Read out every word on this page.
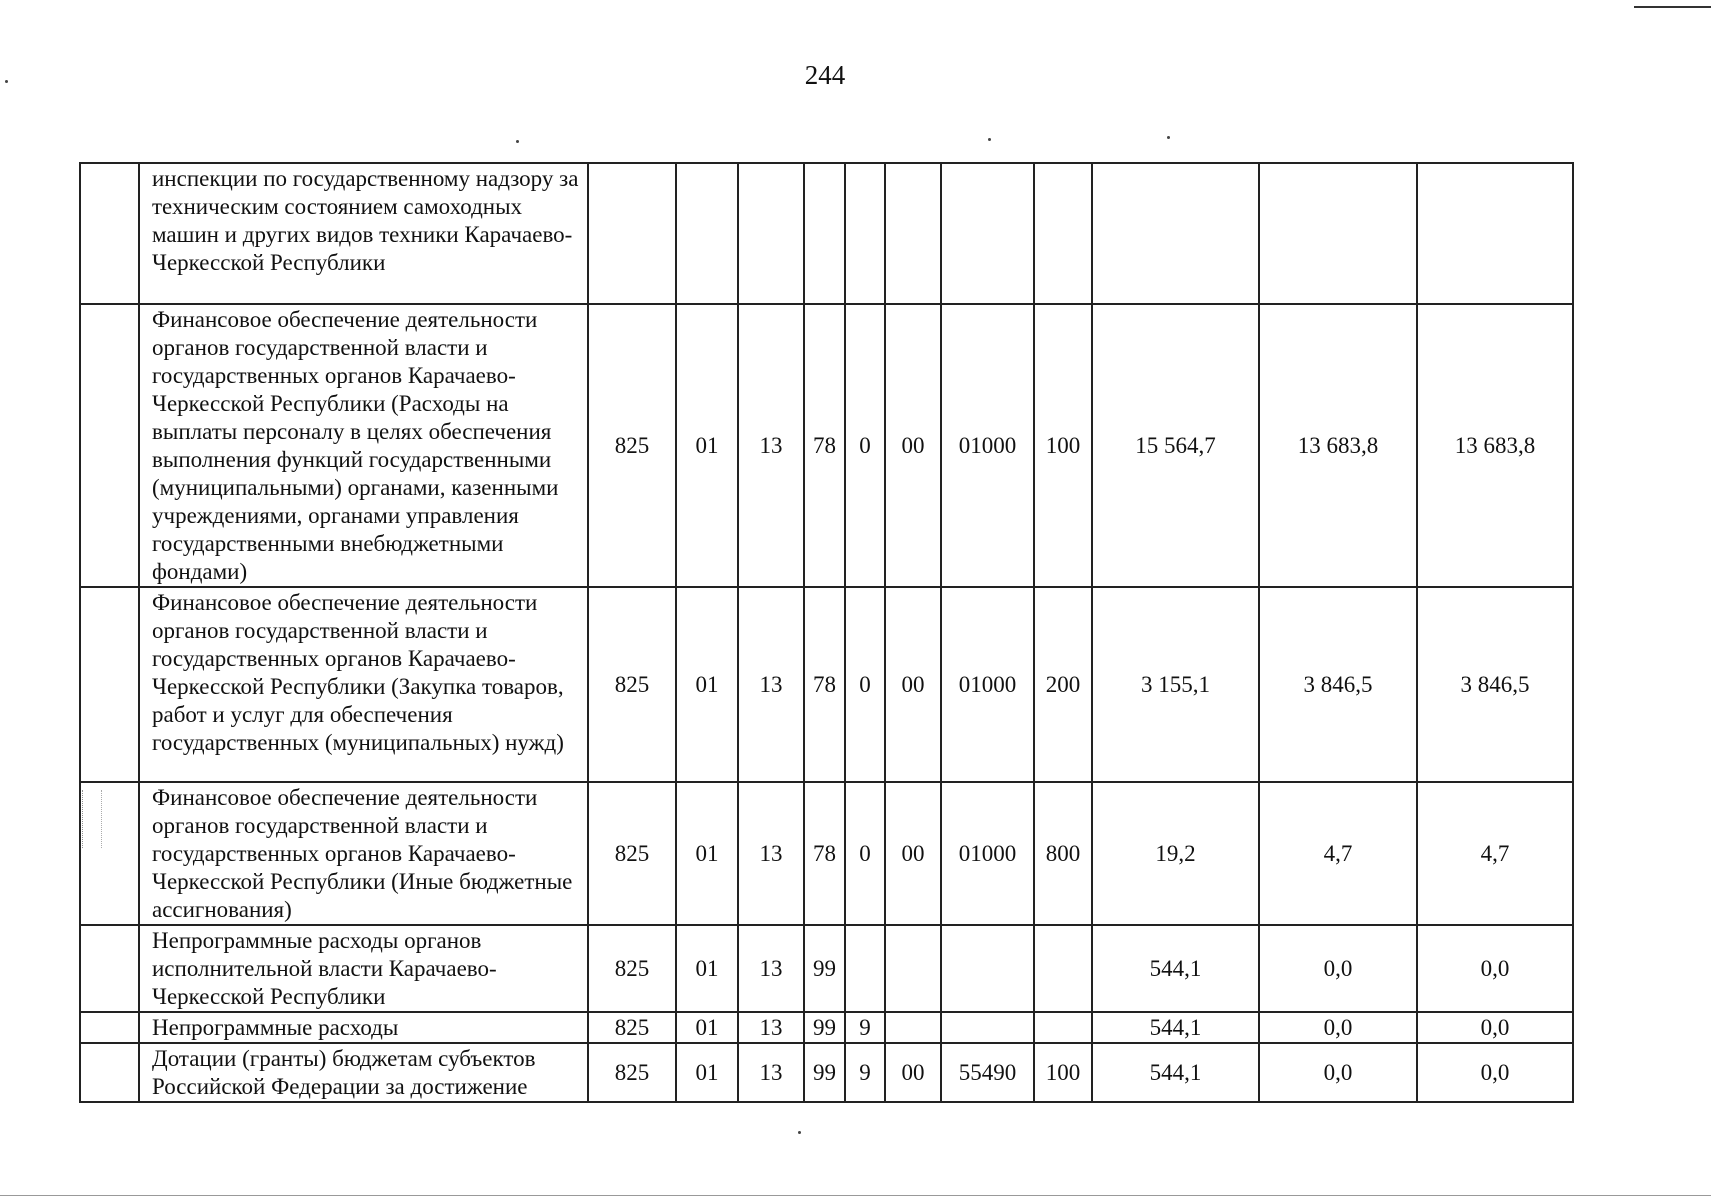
244
	инспекции по государственному надзору за техническим состоянием самоходных машин и других видов техники Карачаево-Черкесской Республики											
	Финансовое обеспечение деятельности органов государственной власти и государственных органов Карачаево-Черкесской Республики (Расходы на выплаты персоналу в целях обеспечения выполнения функций государственными (муниципальными) органами, казенными учреждениями, органами управления государственными внебюджетными фондами)	825	01	13	78	0	00	01000	100	15 564,7	13 683,8	13 683,8
	Финансовое обеспечение деятельности органов государственной власти и государственных органов Карачаево-Черкесской Республики (Закупка товаров, работ и услуг для обеспечения государственных (муниципальных) нужд)	825	01	13	78	0	00	01000	200	3 155,1	3 846,5	3 846,5
	Финансовое обеспечение деятельности органов государственной власти и государственных органов Карачаево-Черкесской Республики (Иные бюджетные ассигнования)	825	01	13	78	0	00	01000	800	19,2	4,7	4,7
	Непрограммные расходы органов исполнительной власти Карачаево-Черкесской Республики	825	01	13	99					544,1	0,0	0,0
	Непрограммные расходы	825	01	13	99	9				544,1	0,0	0,0
	Дотации (гранты) бюджетам субъектов Российской Федерации за достижение	825	01	13	99	9	00	55490	100	544,1	0,0	0,0
